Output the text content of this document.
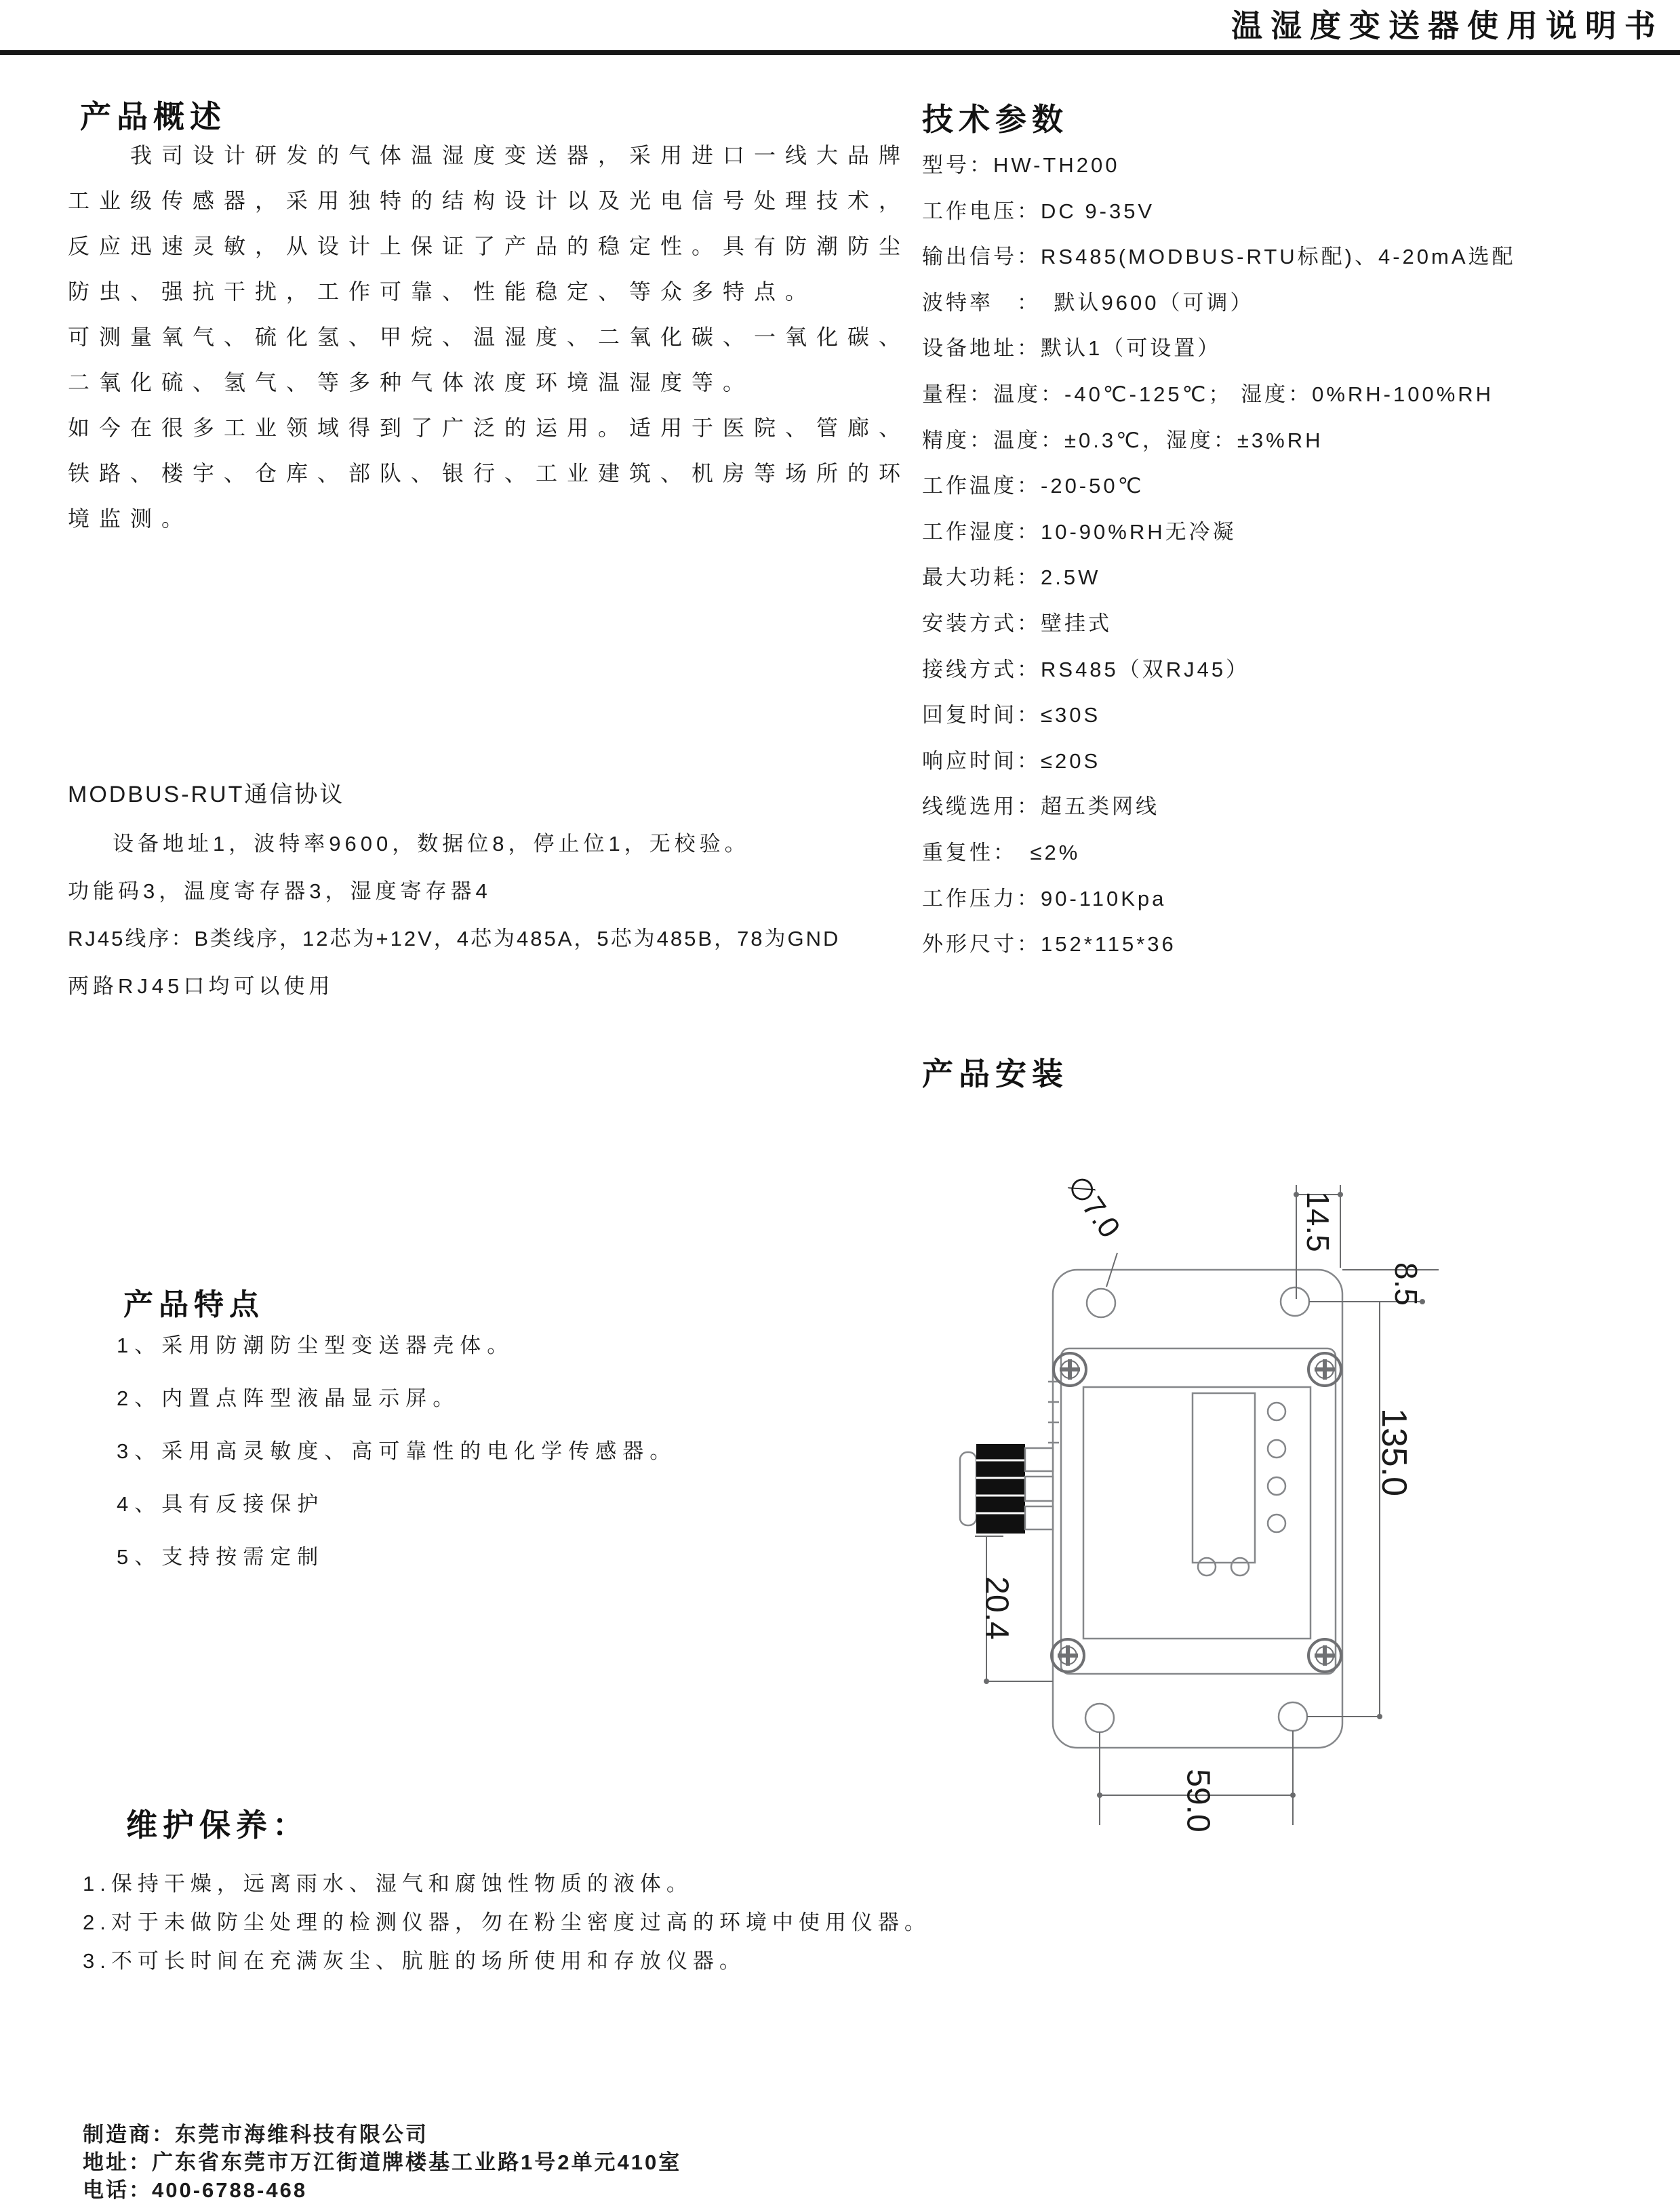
温湿度变送器使用说明书
产品概述
我司设计研发的气体温湿度变送器，采用进口一线大品牌
工业级传感器，采用独特的结构设计以及光电信号处理技术，
反应迅速灵敏，从设计上保证了产品的稳定性。具有防潮防尘
防虫、强抗干扰，工作可靠、性能稳定、等众多特点。
可测量氧气、硫化氢、甲烷、温湿度、二氧化碳、一氧化碳、
二氧化硫、氢气、等多种气体浓度环境温湿度等。
如今在很多工业领域得到了广泛的运用。适用于医院、管廊、
铁路、楼宇、仓库、部队、银行、工业建筑、机房等场所的环
境监测。
MODBUS-RUT通信协议
设备地址1，波特率9600，数据位8，停止位1，无校验。
功能码3，温度寄存器3，湿度寄存器4
RJ45线序：B类线序，12芯为+12V，4芯为485A，5芯为485B，78为GND
两路RJ45口均可以使用
产品特点
1、采用防潮防尘型变送器壳体。
2、内置点阵型液晶显示屏。
3、采用高灵敏度、高可靠性的电化学传感器。
4、具有反接保护
5、支持按需定制
维护保养：
1.保持干燥，远离雨水、湿气和腐蚀性物质的液体。
2.对于未做防尘处理的检测仪器，勿在粉尘密度过高的环境中使用仪器。
3.不可长时间在充满灰尘、肮脏的场所使用和存放仪器。
制造商：东莞市海维科技有限公司
地址：广东省东莞市万江街道牌楼基工业路1号2单元410室
电话：400-6788-468
技术参数
型号：HW-TH200
工作电压：DC 9-35V
输出信号：RS485(MODBUS-RTU标配)、4-20mA选配
波特率　：　默认9600（可调）
设备地址：默认1（可设置）
量程：温度：-40℃-125℃； 湿度：0%RH-100%RH
精度：温度：±0.3℃，湿度：±3%RH
工作温度：-20-50℃
工作湿度：10-90%RH无冷凝
最大功耗：2.5W
安装方式：壁挂式
接线方式：RS485（双RJ45）
回复时间：≤30S
响应时间：≤20S
线缆选用：超五类网线
重复性：　≤2%
工作压力：90-110Kpa
外形尺寸：152*115*36
产品安装
∅7.0	14.5
8.5
135.0
20.4
59.0
